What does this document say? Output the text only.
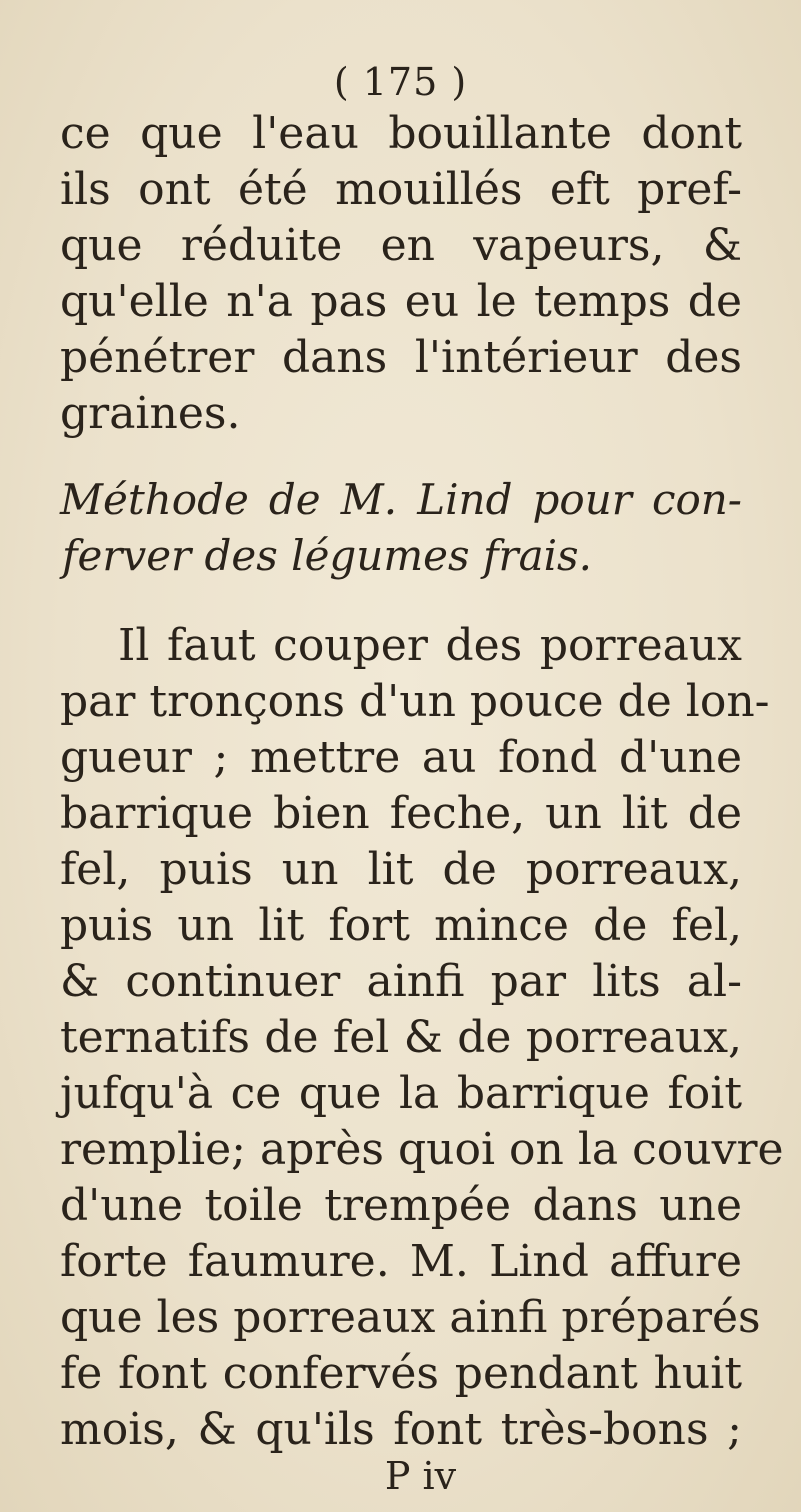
( 175 )
ce que l'eau bouillante dont
ils ont été mouillés eft pref-
que réduite en vapeurs, &
qu'elle n'a pas eu le temps de
pénétrer dans l'intérieur des
graines.
Méthode de M. Lind pour con-
ferver des légumes frais.
Il faut couper des porreaux
par tronçons d'un pouce de lon-
gueur ; mettre au fond d'une
barrique bien feche, un lit de
fel, puis un lit de porreaux,
puis un lit fort mince de fel,
& continuer ainfi par lits al-
ternatifs de fel & de porreaux,
jufqu'à ce que la barrique foit
remplie; après quoi on la couvre
d'une toile trempée dans une
forte faumure. M. Lind affure
que les porreaux ainfi préparés
fe font confervés pendant huit
mois, & qu'ils font très-bons ;
P iv
